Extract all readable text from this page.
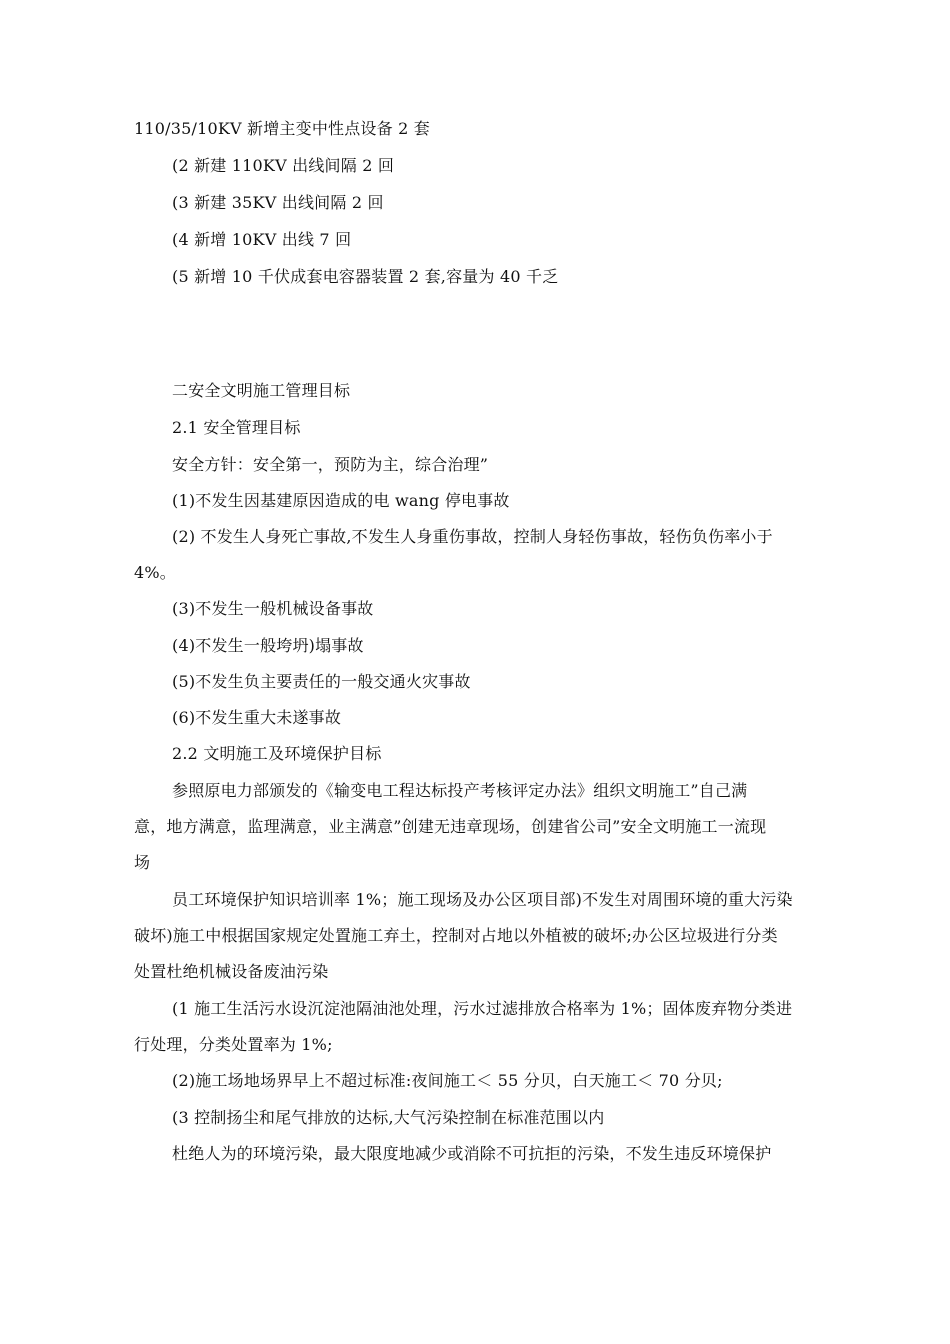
110/35/10KV 新增主变中性点设备 2 套
(2 新建 110KV 出线间隔 2 回
(3 新建 35KV 出线间隔 2 回
(4 新增 10KV 出线 7 回
(5 新增 10 千伏成套电容器装置 2 套,容量为 40 千乏
二安全文明施工管理目标
2.1 安全管理目标
安全方针：安全第一，预防为主，综合治理”
(1)不发生因基建原因造成的电 wang 停电事故
(2) 不发生人身死亡事故,不发生人身重伤事故，控制人身轻伤事故，轻伤负伤率小于
4%。
(3)不发生一般机械设备事故
(4)不发生一般垮坍)塌事故
(5)不发生负主要责任的一般交通火灾事故
(6)不发生重大未遂事故
2.2 文明施工及环境保护目标
参照原电力部颁发的《输变电工程达标投产考核评定办法》组织文明施工”自己满
意，地方满意，监理满意，业主满意”创建无违章现场，创建省公司”安全文明施工一流现
场
员工环境保护知识培训率 1%；施工现场及办公区项目部)不发生对周围环境的重大污染
破坏)施工中根据国家规定处置施工弃土，控制对占地以外植被的破坏;办公区垃圾进行分类
处置杜绝机械设备废油污染
(1 施工生活污水设沉淀池隔油池处理，污水过滤排放合格率为 1%；固体废弃物分类进
行处理，分类处置率为 1%;
(2)施工场地场界早上不超过标准:夜间施工＜ 55 分贝，白天施工＜ 70 分贝;
(3 控制扬尘和尾气排放的达标,大气污染控制在标准范围以内
杜绝人为的环境污染，最大限度地减少或消除不可抗拒的污染，不发生违反环境保护
